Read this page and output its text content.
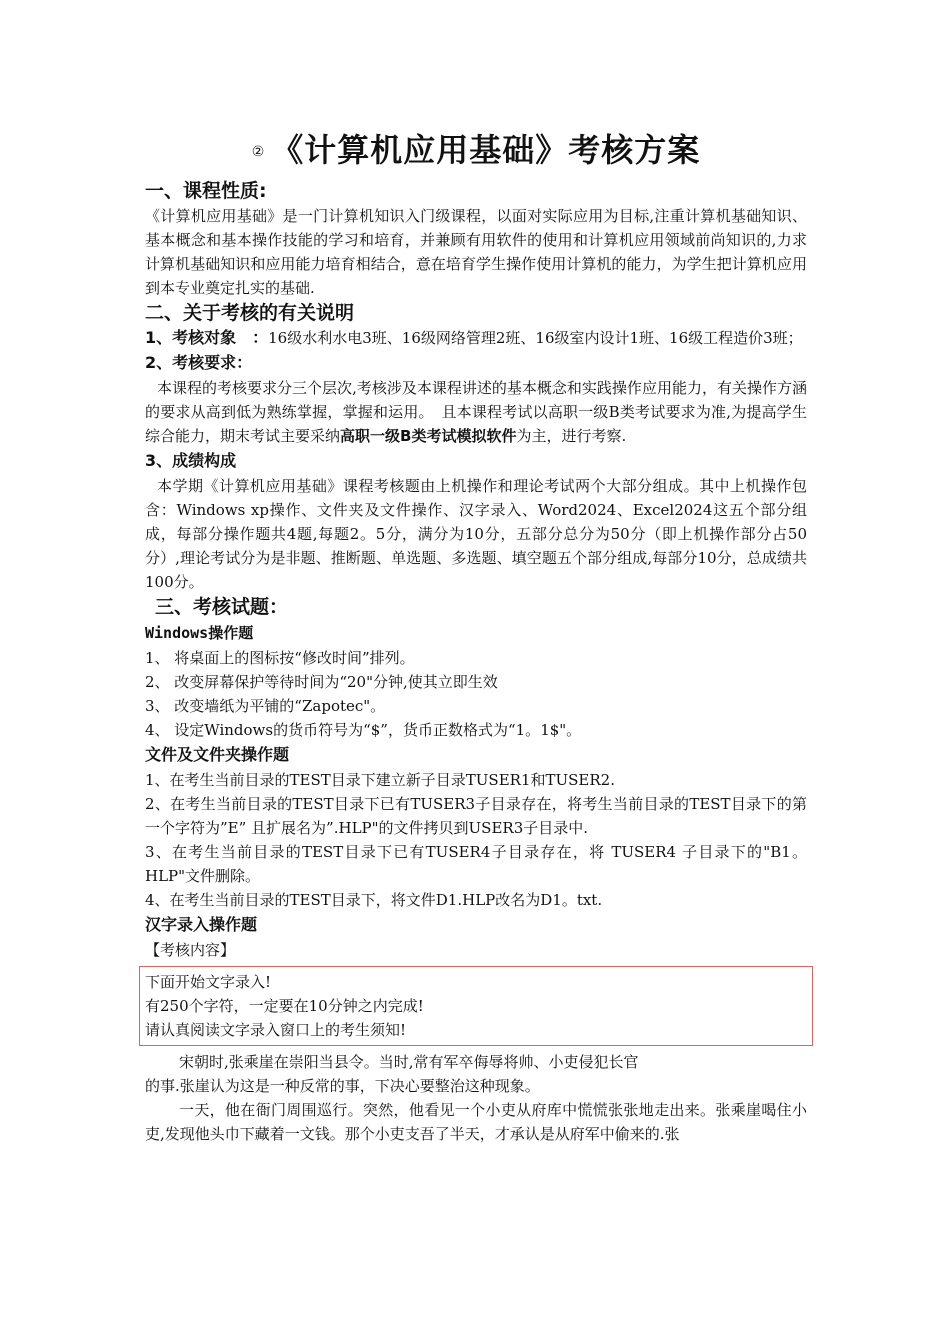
② 《计算机应用基础》考核方案
一、课程性质:

《计算机应用基础》是一门计算机知识入门级课程，以面对实际应用为目标,注重计算机基础知识、基本概念和基本操作技能的学习和培育，并兼顾有用软件的使用和计算机应用领域前尚知识的,力求计算机基础知识和应用能力培育相结合，意在培育学生操作使用计算机的能力，为学生把计算机应用到本专业奠定扎实的基础.

二、关于考核的有关说明

1、考核对象　：16级水利水电3班、16级网络管理2班、16级室内设计1班、16级工程造价3班；

2、考核要求：

本课程的考核要求分三个层次,考核涉及本课程讲述的基本概念和实践操作应用能力，有关操作方涵的要求从高到低为熟练掌握，掌握和运用。　且本课程考试以高职一级B类考试要求为准,为提高学生综合能力，期末考试主要采纳高职一级B类考试模拟软件为主，进行考察.

3、成绩构成

本学期《计算机应用基础》课程考核题由上机操作和理论考试两个大部分组成。其中上机操作包含：Windows xp操作、文件夹及文件操作、汉字录入、Word2024、Excel2024这五个部分组成，每部分操作题共4题,每题2。5分，满分为10分，五部分总分为50分（即上机操作部分占50分）,理论考试分为是非题、推断题、单选题、多选题、填空题五个部分组成,每部分10分，总成绩共100分。

三、考核试题：
Windows操作题

1、 将桌面上的图标按“修改时间”排列。

2、 改变屏幕保护等待时间为“20"分钟,使其立即生效

3、 改变墙纸为平铺的“Zapotec"。

4、 设定Windows的货币符号为“$”，货币正数格式为“1。1$"。

文件及文件夹操作题

1、在考生当前目录的TEST目录下建立新子目录TUSER1和TUSER2.

2、在考生当前目录的TEST目录下已有TUSER3子目录存在，将考生当前目录的TEST目录下的第一个字符为”E” 且扩展名为”.HLP"的文件拷贝到USER3子目录中.

3、在考生当前目录的TEST目录下已有TUSER4子目录存在，将 TUSER4 子目录下的"B1。HLP"文件删除。

4、在考生当前目录的TEST目录下，将文件D1.HLP改名为D1。txt.

汉字录入操作题

【考核内容】

下面开始文字录入!

有250个字符，一定要在10分钟之内完成!

请认真阅读文字录入窗口上的考生须知!

宋朝时,张乘崖在崇阳当县令。当时,常有军卒侮辱将帅、小吏侵犯长官

的事.张崖认为这是一种反常的事，下决心要整治这种现象。

一天，他在衙门周围巡行。突然，他看见一个小吏从府库中慌慌张张地走出来。张乘崖喝住小吏,发现他头巾下藏着一文钱。那个小吏支吾了半天，才承认是从府军中偷来的.张
